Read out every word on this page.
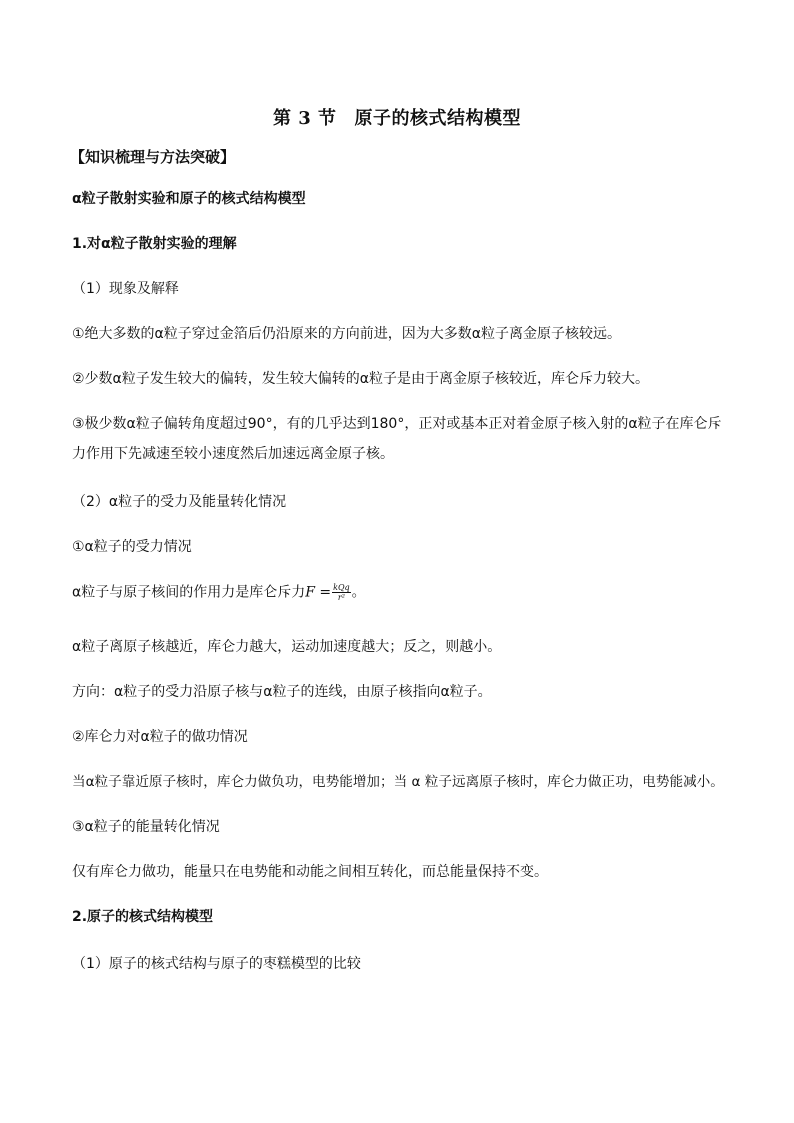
第 3 节 原子的核式结构模型
【知识梳理与方法突破】
α粒子散射实验和原子的核式结构模型
1.对α粒子散射实验的理解
（1）现象及解释
①绝大多数的α粒子穿过金箔后仍沿原来的方向前进，因为大多数α粒子离金原子核较远。
②少数α粒子发生较大的偏转，发生较大偏转的α粒子是由于离金原子核较近，库仑斥力较大。
③极少数α粒子偏转角度超过90°，有的几乎达到180°，正对或基本正对着金原子核入射的α粒子在库仑斥力作用下先减速至较小速度然后加速远离金原子核。
（2）α粒子的受力及能量转化情况
①α粒子的受力情况
α粒子与原子核间的作用力是库仑斥力$F = \frac{\text{kQq}}{\text{r²}}$ 。
α粒子离原子核越近，库仑力越大，运动加速度越大；反之，则越小。
方向：α粒子的受力沿原子核与α粒子的连线，由原子核指向α粒子。
②库仑力对α粒子的做功情况
当α粒子靠近原子核时，库仑力做负功，电势能增加；当 α 粒子远离原子核时，库仑力做正功，电势能减小。
③α粒子的能量转化情况
仅有库仑力做功，能量只在电势能和动能之间相互转化，而总能量保持不变。
2.原子的核式结构模型
（1）原子的核式结构与原子的枣糕模型的比较
